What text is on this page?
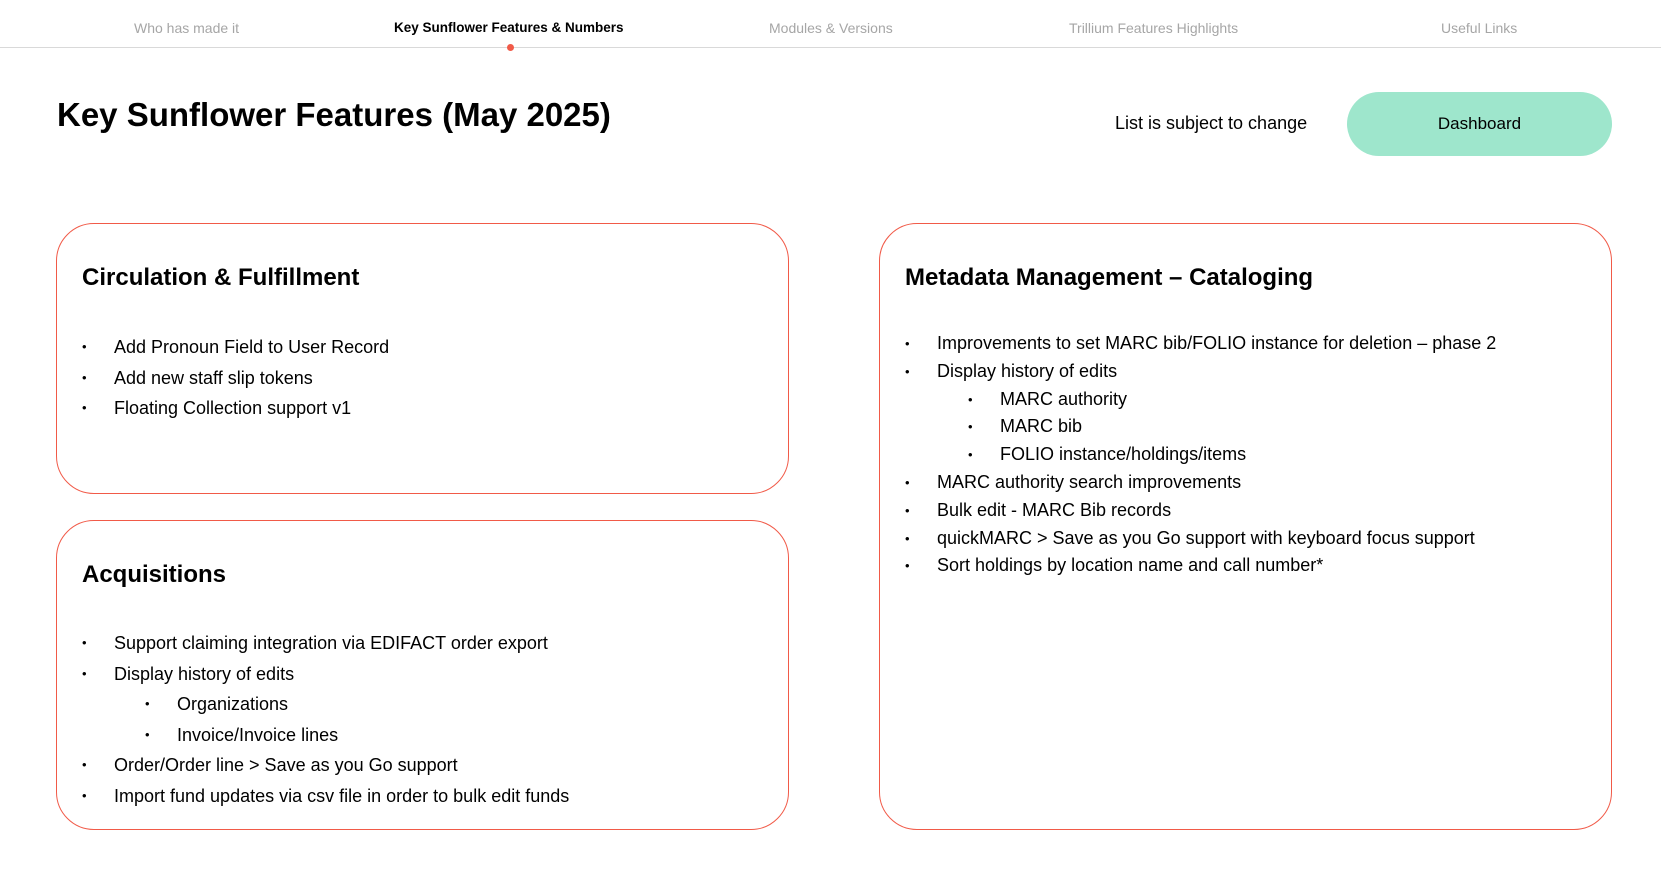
Who has made it	Key Sunflower Features & Numbers	Modules & Versions	Trillium Features Highlights	Useful Links
Key Sunflower Features (May 2025)	List is subject to change	Dashboard
Circulation & Fulfillment
• Add Pronoun Field to User Record
• Add new staff slip tokens
• Floating Collection support v1
Acquisitions
• Support claiming integration via EDIFACT order export
• Display history of edits
• Organizations
• Invoice/Invoice lines
• Order/Order line > Save as you Go support
• Import fund updates via csv file in order to bulk edit funds
Metadata Management – Cataloging
• Improvements to set MARC bib/FOLIO instance for deletion – phase 2
• Display history of edits
• MARC authority
• MARC bib
• FOLIO instance/holdings/items
• MARC authority search improvements
• Bulk edit - MARC Bib records
• quickMARC > Save as you Go support with keyboard focus support
• Sort holdings by location name and call number*
